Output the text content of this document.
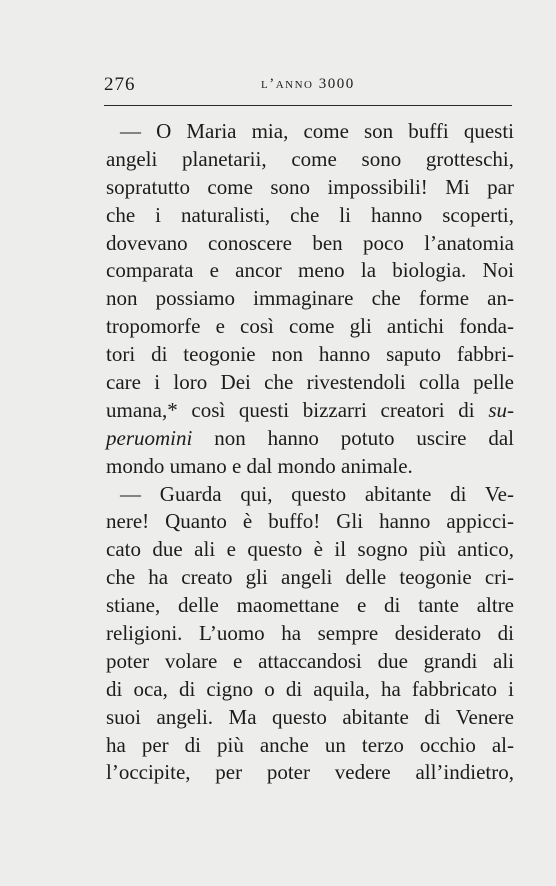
276	l’anno 3000
— O Maria mia, come son buffi questi
angeli planetarii, come sono grotteschi,
sopratutto come sono impossibili! Mi par
che i naturalisti, che li hanno scoperti,
dovevano conoscere ben poco l’anatomia
comparata e ancor meno la biologia. Noi
non possiamo immaginare che forme an-
tropomorfe e così come gli antichi fonda-
tori di teogonie non hanno saputo fabbri-
care i loro Dei che rivestendoli colla pelle
umana,* così questi bizzarri creatori di su-
peruomini non hanno potuto uscire dal
mondo umano e dal mondo animale.
— Guarda qui, questo abitante di Ve-
nere! Quanto è buffo! Gli hanno appicci-
cato due ali e questo è il sogno più antico,
che ha creato gli angeli delle teogonie cri-
stiane, delle maomettane e di tante altre
religioni. L’uomo ha sempre desiderato di
poter volare e attaccandosi due grandi ali
di oca, di cigno o di aquila, ha fabbricato i
suoi angeli. Ma questo abitante di Venere
ha per di più anche un terzo occhio al-
l’occipite, per poter vedere all’indietro,
